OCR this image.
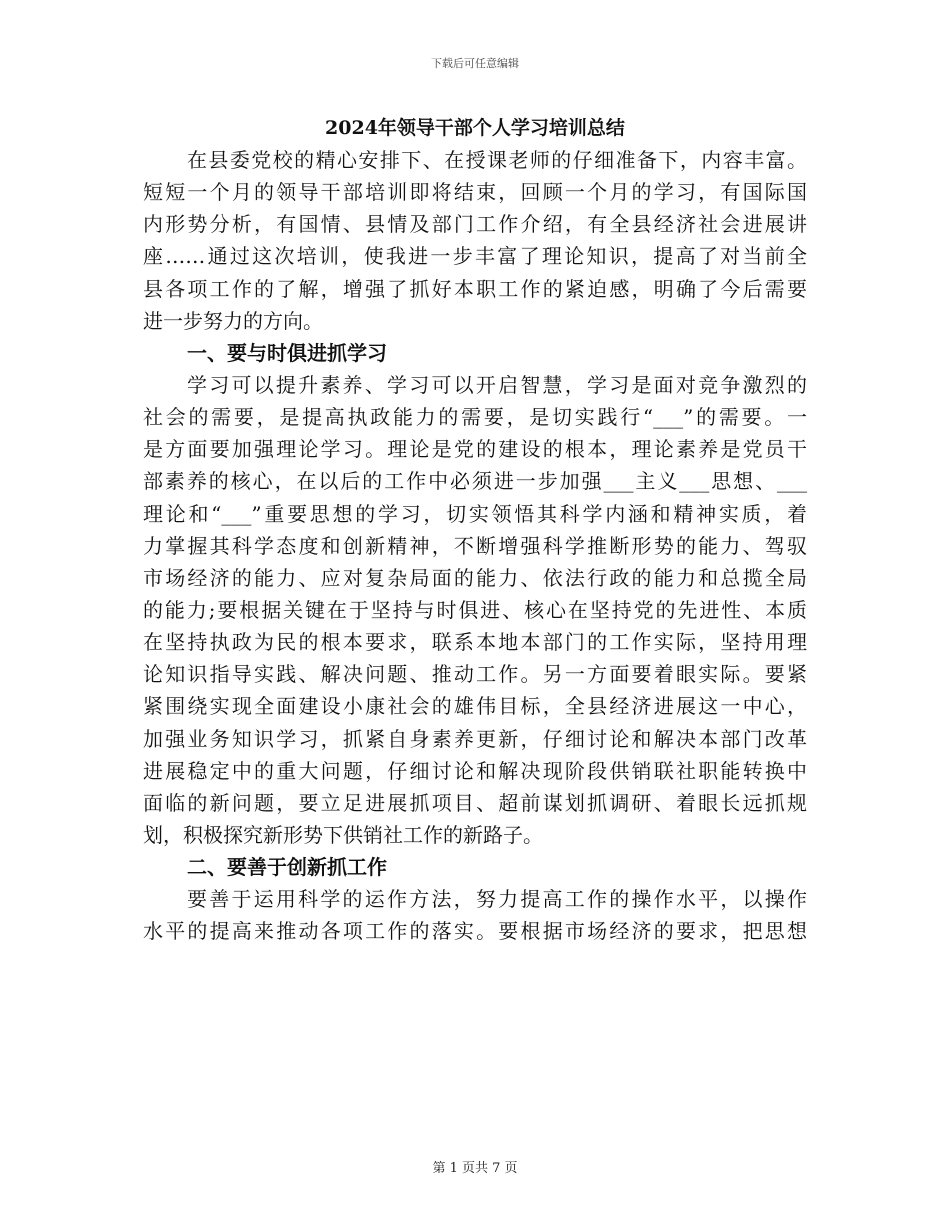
下载后可任意编辑

2024年领导干部个人学习培训总结

在县委党校的精心安排下、在授课老师的仔细准备下，内容丰富。

短短一个月的领导干部培训即将结束，回顾一个月的学习，有国际国

内形势分析，有国情、县情及部门工作介绍，有全县经济社会进展讲

座……通过这次培训，使我进一步丰富了理论知识，提高了对当前全

县各项工作的了解，增强了抓好本职工作的紧迫感，明确了今后需要

进一步努力的方向。

一、要与时俱进抓学习

学习可以提升素养、学习可以开启智慧，学习是面对竞争激烈的

社会的需要，是提高执政能力的需要，是切实践行“___”的需要。一

是方面要加强理论学习。理论是党的建设的根本，理论素养是党员干

部素养的核心，在以后的工作中必须进一步加强___主义___思想、___

理论和“___”重要思想的学习，切实领悟其科学内涵和精神实质，着

力掌握其科学态度和创新精神，不断增强科学推断形势的能力、驾驭

市场经济的能力、应对复杂局面的能力、依法行政的能力和总揽全局

的能力;要根据关键在于坚持与时俱进、核心在坚持党的先进性、本质

在坚持执政为民的根本要求，联系本地本部门的工作实际，坚持用理

论知识指导实践、解决问题、推动工作。另一方面要着眼实际。要紧

紧围绕实现全面建设小康社会的雄伟目标，全县经济进展这一中心，

加强业务知识学习，抓紧自身素养更新，仔细讨论和解决本部门改革

进展稳定中的重大问题，仔细讨论和解决现阶段供销联社职能转换中

面临的新问题，要立足进展抓项目、超前谋划抓调研、着眼长远抓规

划，积极探究新形势下供销社工作的新路子。

二、要善于创新抓工作

要善于运用科学的运作方法，努力提高工作的操作水平，以操作

水平的提高来推动各项工作的落实。要根据市场经济的要求，把思想

第 1 页共 7 页
